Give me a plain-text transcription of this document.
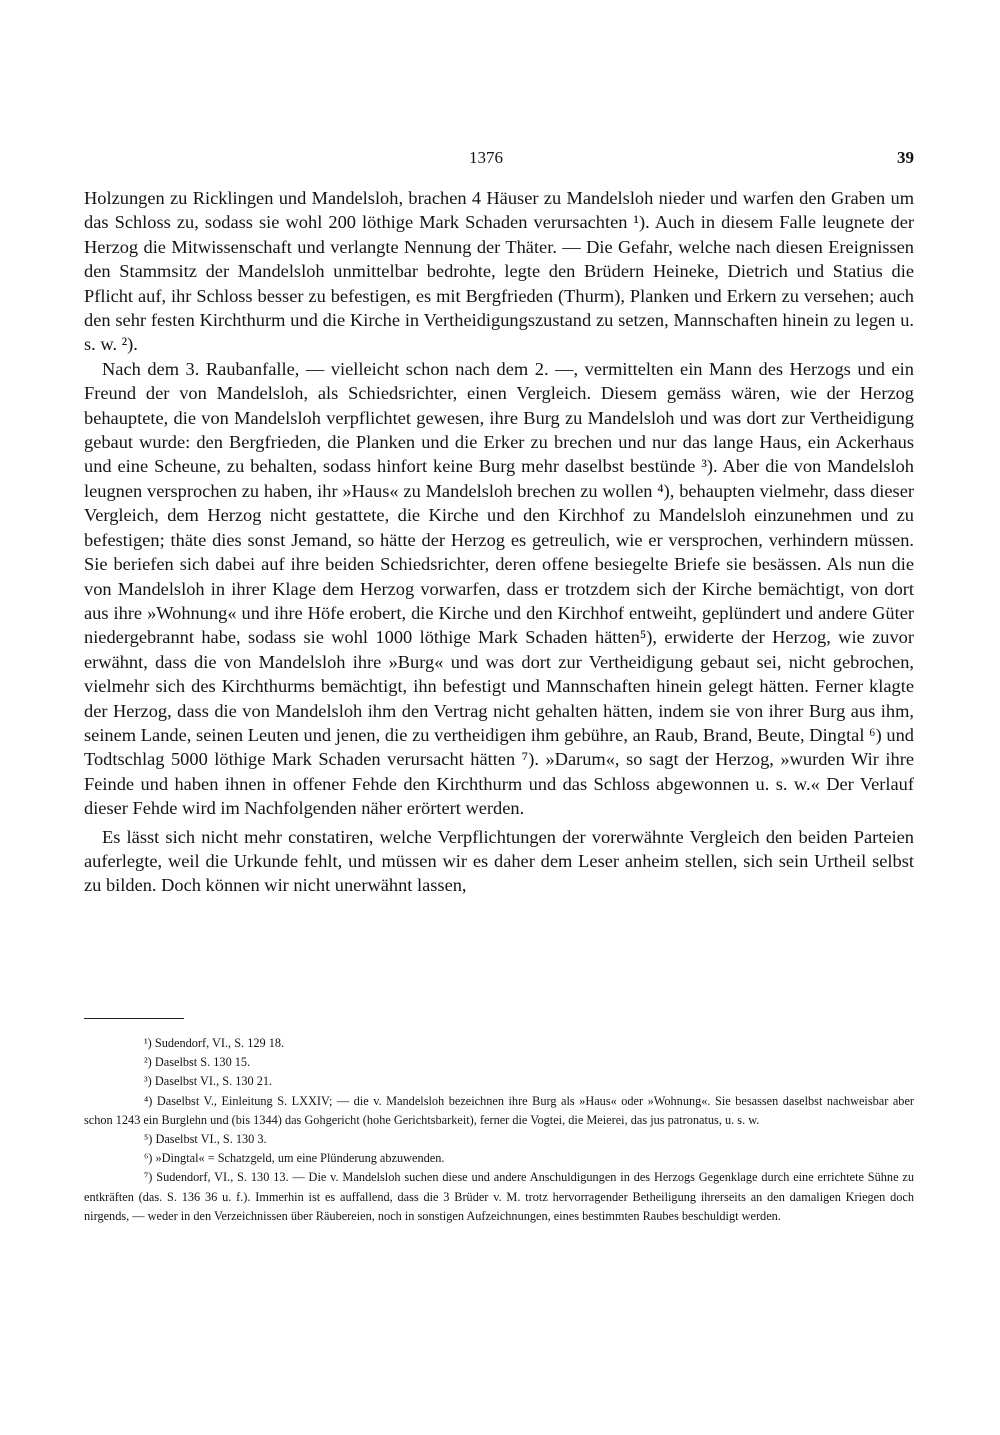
1376	39

Holzungen zu Ricklingen und Mandelsloh, brachen 4 Häuser zu Mandelsloh nieder und warfen den Graben um das Schloss zu, sodass sie wohl 200 löthige Mark Schaden verursachten ¹). Auch in diesem Falle leugnete der Herzog die Mitwissenschaft und verlangte Nennung der Thäter. — Die Gefahr, welche nach diesen Ereignissen den Stammsitz der Mandelsloh unmittelbar bedrohte, legte den Brüdern Heineke, Dietrich und Statius die Pflicht auf, ihr Schloss besser zu befestigen, es mit Bergfrieden (Thurm), Planken und Erkern zu versehen; auch den sehr festen Kirchthurm und die Kirche in Vertheidigungszustand zu setzen, Mannschaften hinein zu legen u. s. w. ²).

Nach dem 3. Raubanfalle, — vielleicht schon nach dem 2. —, vermittelten ein Mann des Herzogs und ein Freund der von Mandelsloh, als Schiedsrichter, einen Vergleich. Diesem gemäss wären, wie der Herzog behauptete, die von Mandelsloh verpflichtet gewesen, ihre Burg zu Mandelsloh und was dort zur Vertheidigung gebaut wurde: den Bergfrieden, die Planken und die Erker zu brechen und nur das lange Haus, ein Ackerhaus und eine Scheune, zu behalten, sodass hinfort keine Burg mehr daselbst bestünde ³). Aber die von Mandelsloh leugnen versprochen zu haben, ihr »Haus« zu Mandelsloh brechen zu wollen ⁴), behaupten vielmehr, dass dieser Vergleich, dem Herzog nicht gestattete, die Kirche und den Kirchhof zu Mandelsloh einzunehmen und zu befestigen; thäte dies sonst Jemand, so hätte der Herzog es getreulich, wie er versprochen, verhindern müssen. Sie beriefen sich dabei auf ihre beiden Schiedsrichter, deren offene besiegelte Briefe sie besässen. Als nun die von Mandelsloh in ihrer Klage dem Herzog vorwarfen, dass er trotzdem sich der Kirche bemächtigt, von dort aus ihre »Wohnung« und ihre Höfe erobert, die Kirche und den Kirchhof entweiht, geplündert und andere Güter niedergebrannt habe, sodass sie wohl 1000 löthige Mark Schaden hätten⁵), erwiderte der Herzog, wie zuvor erwähnt, dass die von Mandelsloh ihre »Burg« und was dort zur Vertheidigung gebaut sei, nicht gebrochen, vielmehr sich des Kirchthurms bemächtigt, ihn befestigt und Mannschaften hinein gelegt hätten. Ferner klagte der Herzog, dass die von Mandelsloh ihm den Vertrag nicht gehalten hätten, indem sie von ihrer Burg aus ihm, seinem Lande, seinen Leuten und jenen, die zu vertheidigen ihm gebühre, an Raub, Brand, Beute, Dingtal ⁶) und Todtschlag 5000 löthige Mark Schaden verursacht hätten ⁷). »Darum«, so sagt der Herzog, »wurden Wir ihre Feinde und haben ihnen in offener Fehde den Kirchthurm und das Schloss abgewonnen u. s. w.« Der Verlauf dieser Fehde wird im Nachfolgenden näher erörtert werden.

Es lässt sich nicht mehr constatiren, welche Verpflichtungen der vorerwähnte Vergleich den beiden Parteien auferlegte, weil die Urkunde fehlt, und müssen wir es daher dem Leser anheim stellen, sich sein Urtheil selbst zu bilden. Doch können wir nicht unerwähnt lassen,

¹) Sudendorf, VI., S. 129 18.

²) Daselbst S. 130 15.

³) Daselbst VI., S. 130 21.

⁴) Daselbst V., Einleitung S. LXXIV; — die v. Mandelsloh bezeichnen ihre Burg als »Haus« oder »Wohnung«. Sie besassen daselbst nachweisbar aber schon 1243 ein Burglehn und (bis 1344) das Gohgericht (hohe Gerichtsbarkeit), ferner die Vogtei, die Meierei, das jus patronatus, u. s. w.

⁵) Daselbst VI., S. 130 3.

⁶) »Dingtal« = Schatzgeld, um eine Plünderung abzuwenden.

⁷) Sudendorf, VI., S. 130 13. — Die v. Mandelsloh suchen diese und andere Anschuldigungen in des Herzogs Gegenklage durch eine errichtete Sühne zu entkräften (das. S. 136 36 u. f.). Immerhin ist es auffallend, dass die 3 Brüder v. M. trotz hervorragender Betheiligung ihrerseits an den damaligen Kriegen doch nirgends, — weder in den Verzeichnissen über Räubereien, noch in sonstigen Aufzeichnungen, eines bestimmten Raubes beschuldigt werden.
